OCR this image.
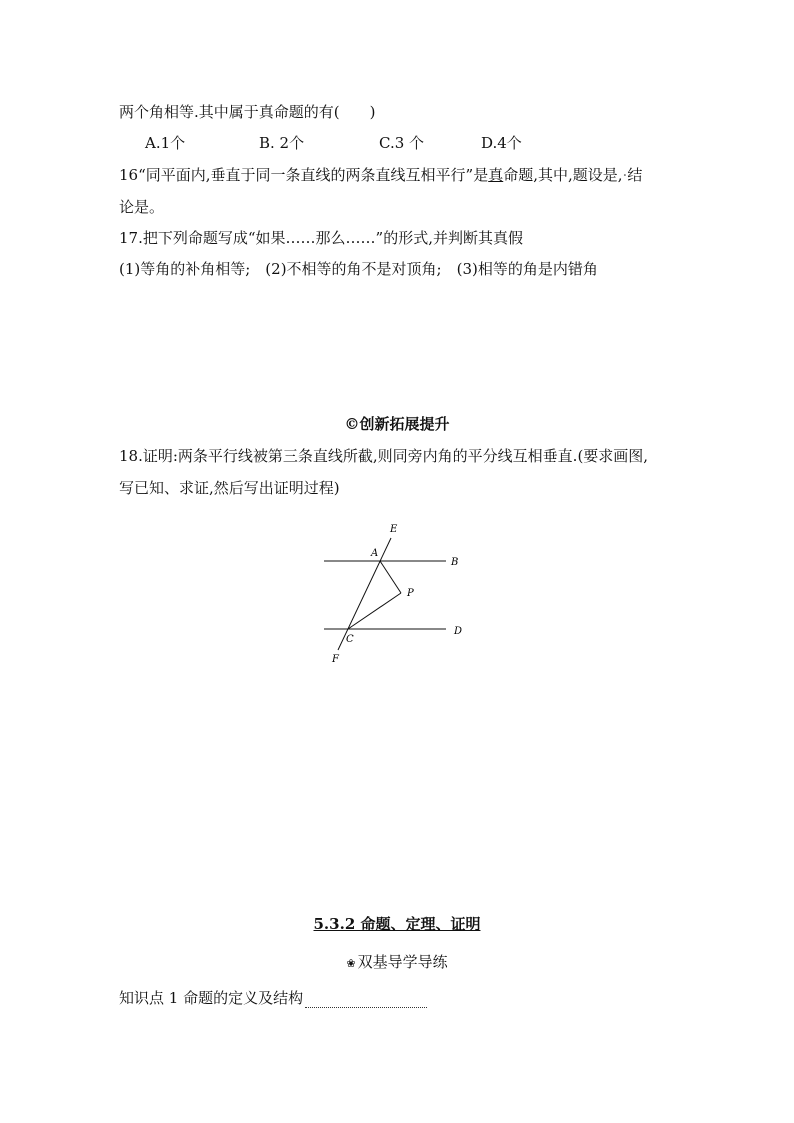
两个角相等.其中属于真命题的有(　　)
A.1个	B. 2个	C.3 个	D.4个
16“同平面内,垂直于同一条直线的两条直线互相平行”是真命题,其中,题设是,·结
论是。
17.把下列命题写成“如果……那么……”的形式,并判断其真假
(1)等角的补角相等;　(2)不相等的角不是对顶角;　(3)相等的角是内错角
©创新拓展提升
18.证明:两条平行线被第三条直线所截,则同旁内角的平分线互相垂直.(要求画图,
写已知、求证,然后写出证明过程)
E
A
B
P
C
D
F
5.3.2 命题、定理、证明
❀ 双基导学导练
知识点 1 命题的定义及结构
